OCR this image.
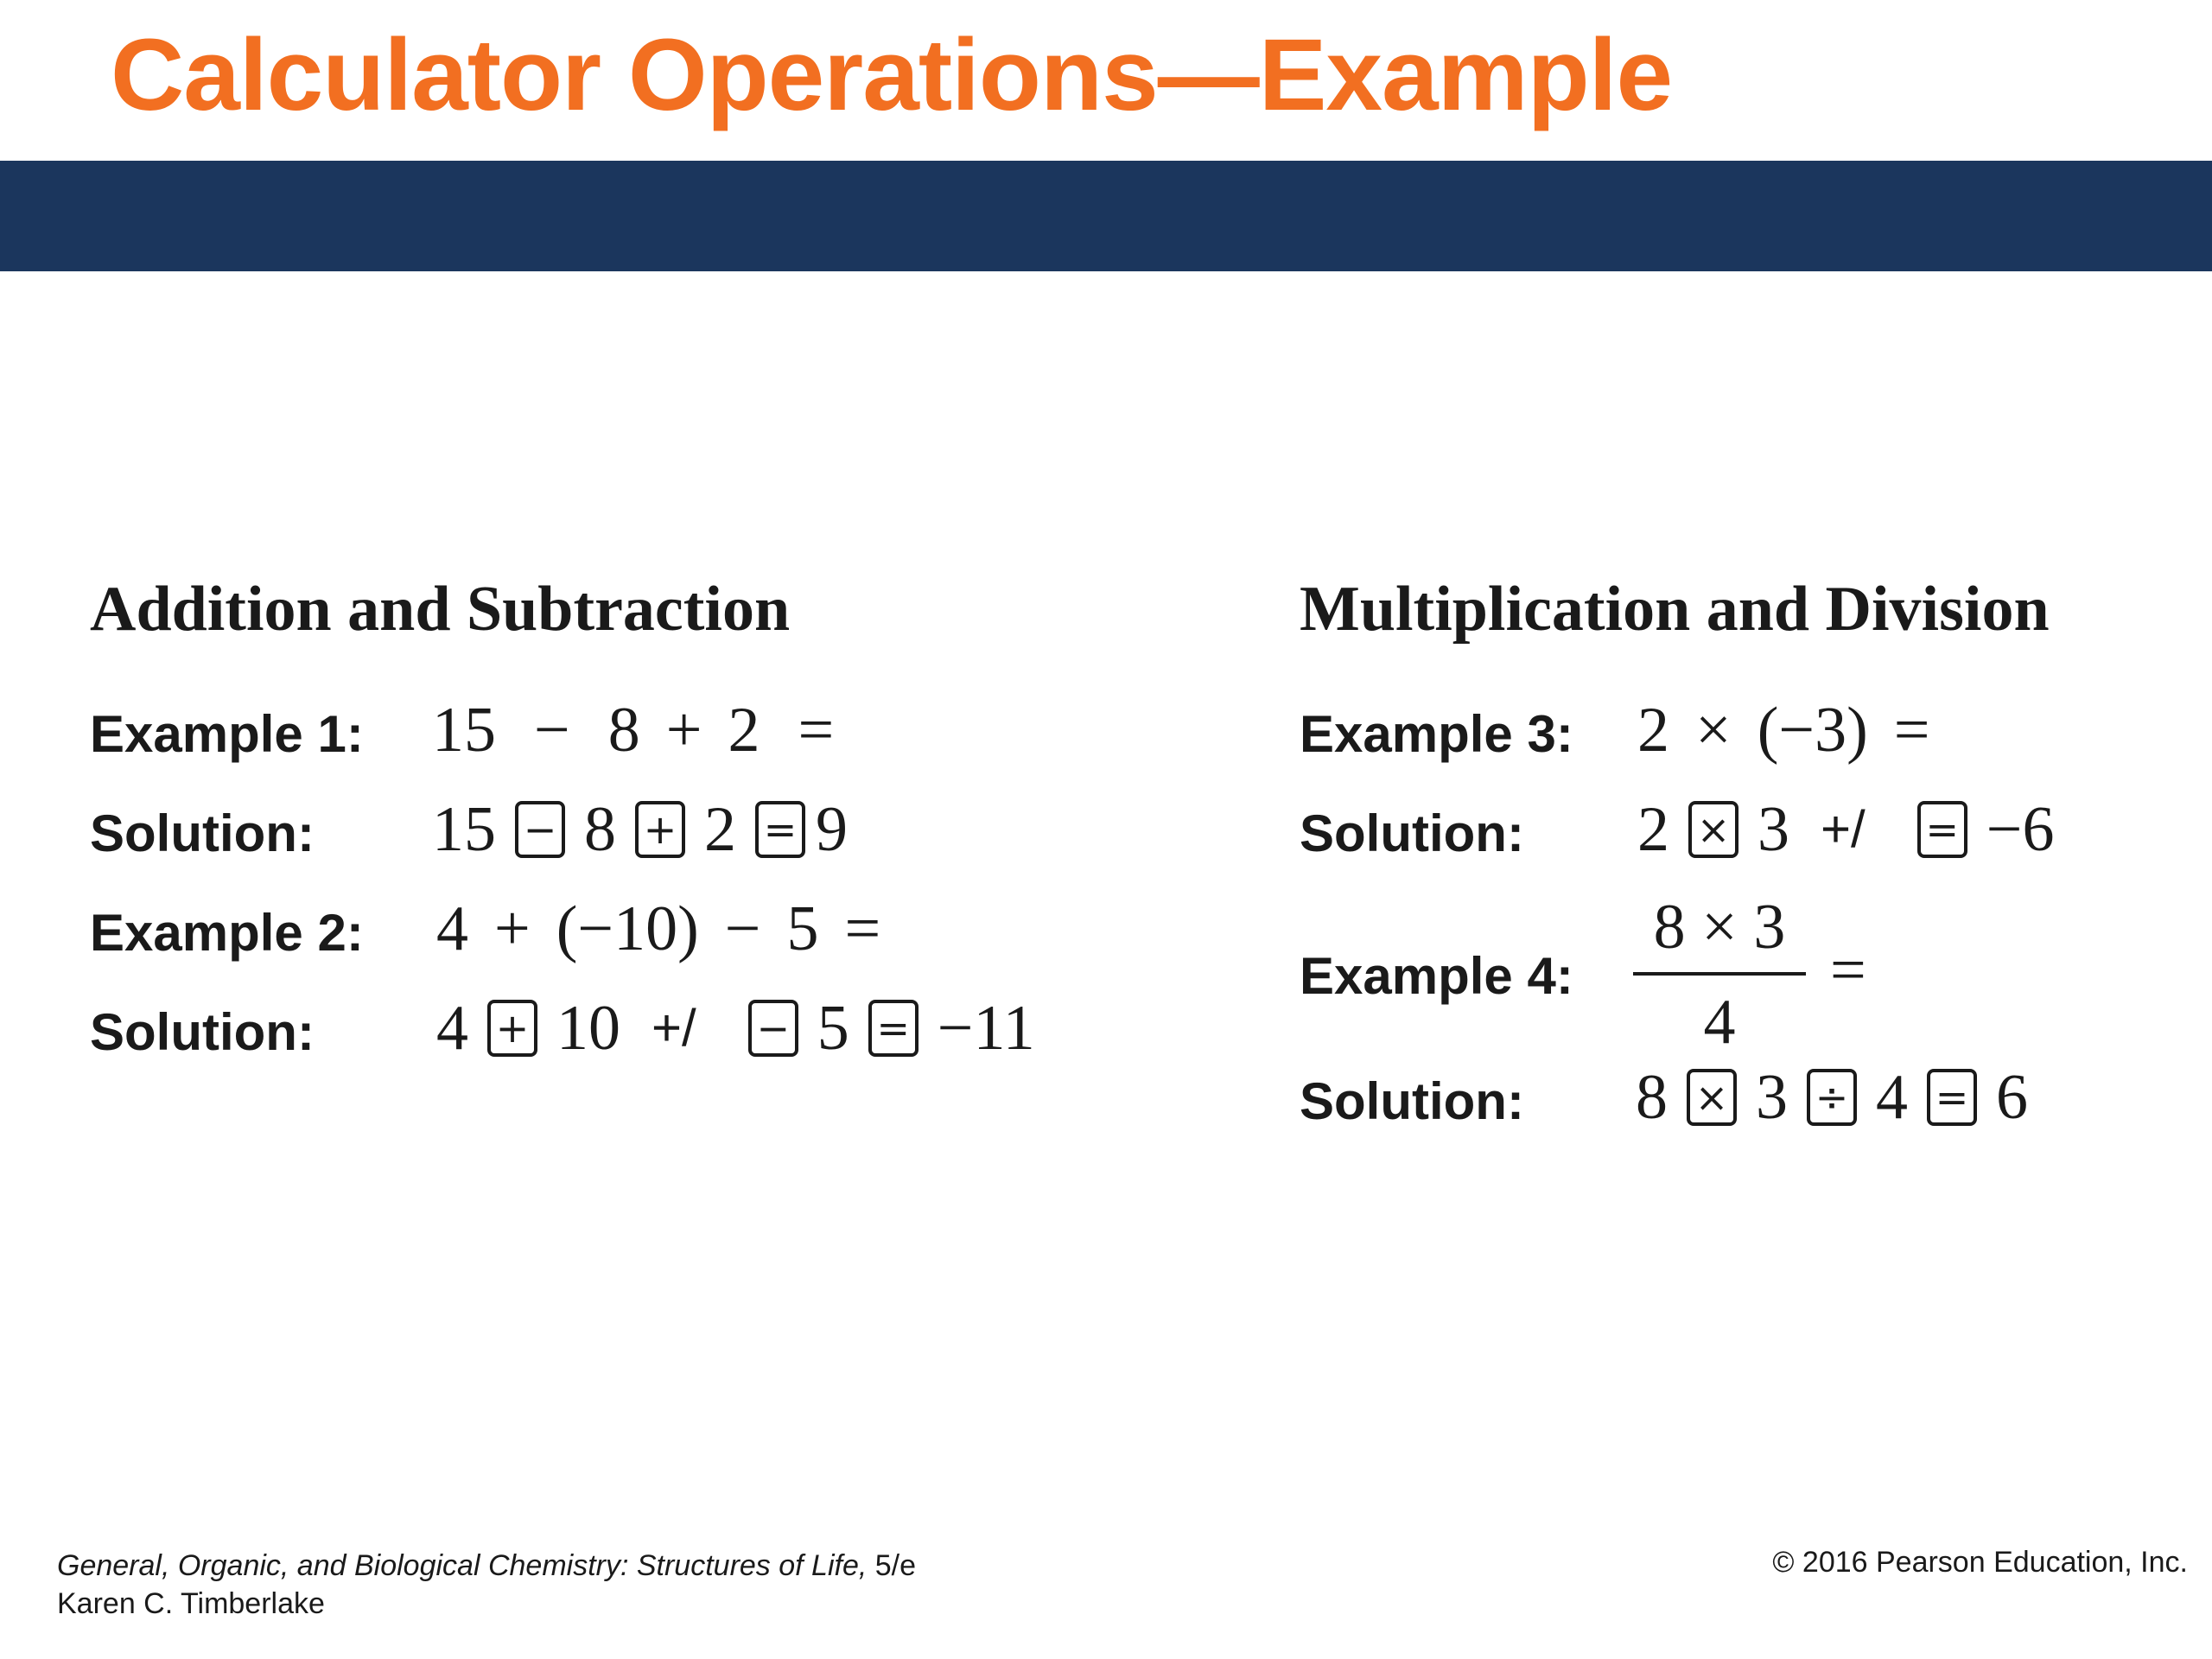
Calculator Operations—Example
Addition and Subtraction
Example 1: 15 − 8 + 2 =
Solution: 15 − 8 + 2 = 9
Example 2: 4 + (−10) − 5 =
Solution: 4 + 10 +/ − 5 = −11
Multiplication and Division
Example 3: 2 × (−3) =
Solution: 2 × 3 +/ = −6
Example 4:
8 × 3
4
=
Solution: 8 × 3 ÷ 4 = 6
General, Organic, and Biological Chemistry: Structures of Life, 5/e
Karen C. Timberlake
© 2016 Pearson Education, Inc.
